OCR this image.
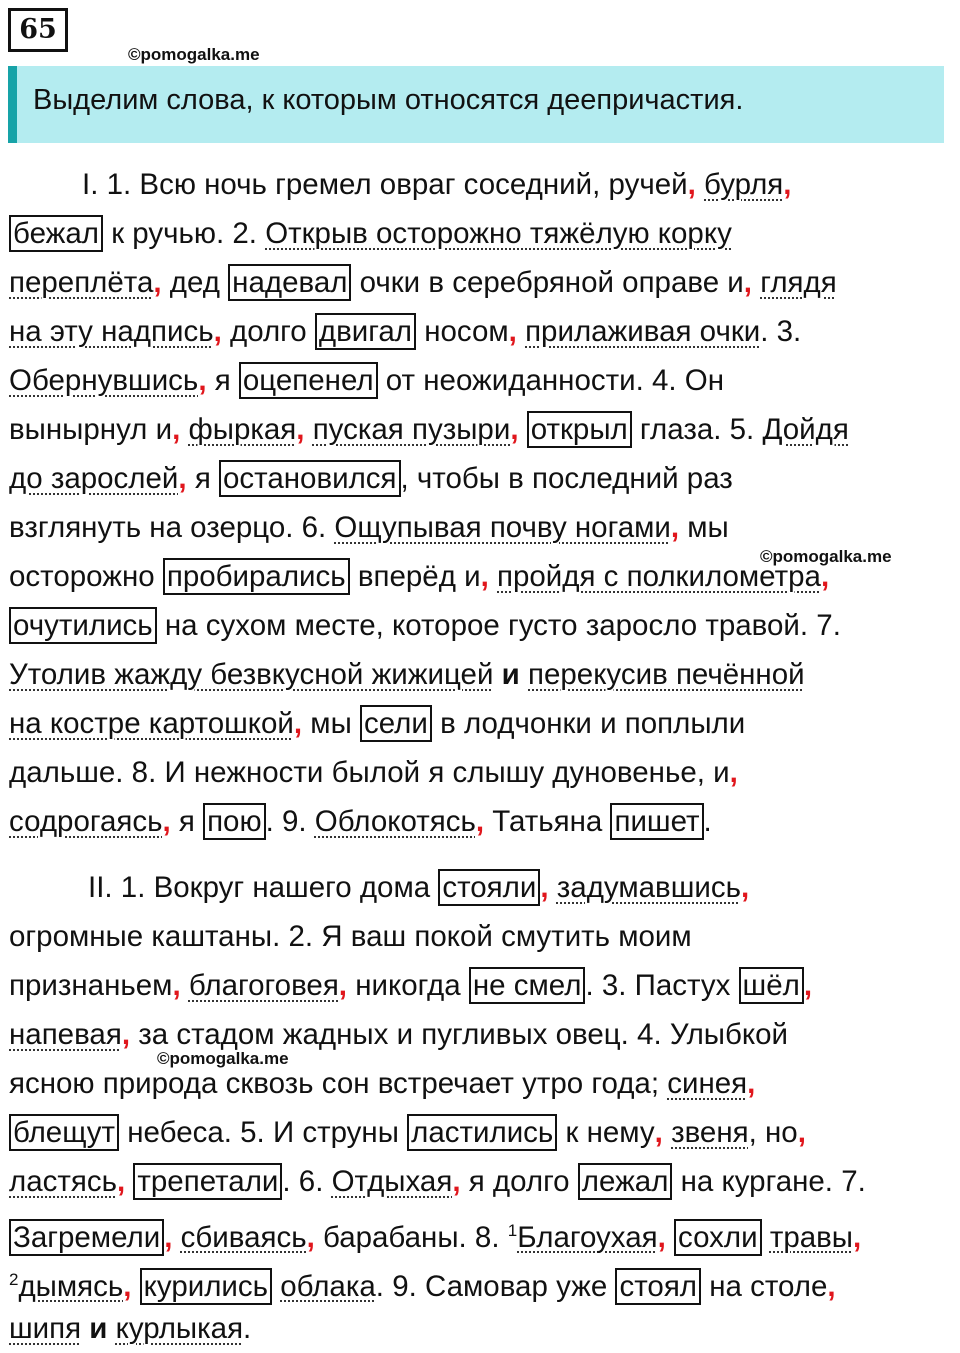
65
©pomogalka.me
Выделим слова, к которым относятся деепричастия.
I. 1. Всю ночь гремел овраг соседний, ручей, бурля,
бежал к ручью. 2. Открыв осторожно тяжёлую корку
переплёта, дед надевал очки в серебряной оправе и, глядя
на эту надпись, долго двигал носом, прилаживая очки. 3.
Обернувшись, я оцепенел от неожиданности. 4. Он
вынырнул и, фыркая, пуская пузыри, открыл глаза. 5. Дойдя
до зарослей, я остановился , чтобы в последний раз
взглянуть на озерцо. 6. Ощупывая почву ногами, мы
осторожно пробирались вперёд и, пройдя с полкилометра,
очутились на сухом месте, которое густо заросло травой. 7.
Утолив жажду безвкусной жижицей и перекусив печённой
на костре картошкой, мы сели в лодчонки и поплыли
дальше. 8. И нежности былой я слышу дуновенье, и,
содрогаясь, я пою . 9. Облокотясь, Татьяна пишет .
II. 1. Вокруг нашего дома стояли , задумавшись,
огромные каштаны. 2. Я ваш покой смутить моим
признаньем, благоговея, никогда не смел . 3. Пастух шёл ,
напевая, за стадом жадных и пугливых овец. 4. Улыбкой
ясною природа сквозь сон встречает утро года; синея,
блещут небеса. 5. И струны ластились к нему, звеня, но,
ластясь, трепетали . 6. Отдыхая, я долго лежал на кургане. 7.
Загремели , сбиваясь, барабаны. 8. $^1$Благоухая, сохли травы,
$^2$дымясь, курились облака. 9. Самовар уже стоял на столе,
шипя и курлыкая.
©pomogalka.me
©pomogalka.me
